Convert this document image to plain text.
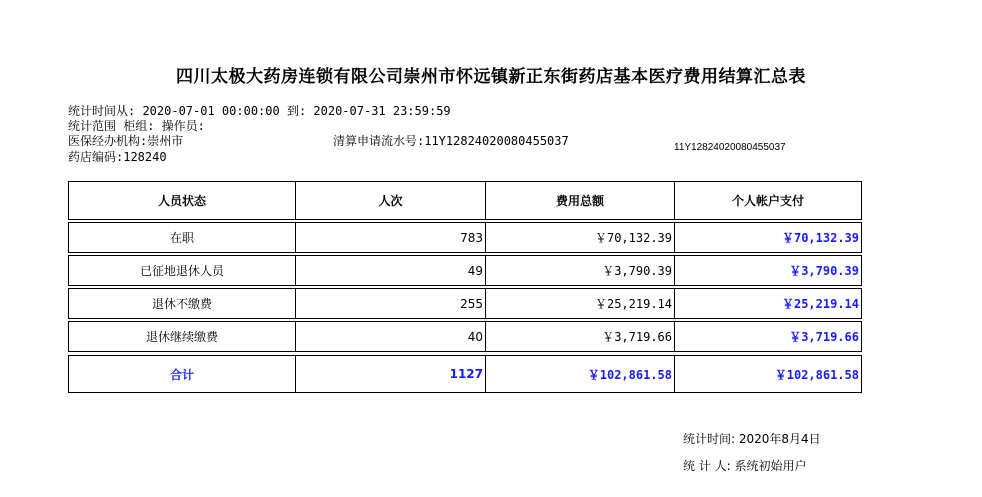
四川太极大药房连锁有限公司崇州市怀远镇新正东街药店基本医疗费用结算汇总表
统计时间从: 2020-07-01 00:00:00 到: 2020-07-31 23:59:59
统计范围 柜组: 操作员:
医保经办机构:崇州市	清算申请流水号:11Y12824020080455037	11Y12824020080455037
药店编码:128240
人员状态	人次	费用总额	个人帐户支付
在职	783	￥70,132.39	￥70,132.39
已征地退休人员	49	￥3,790.39	￥3,790.39
退休不缴费	255	￥25,219.14	￥25,219.14
退休继续缴费	40	￥3,719.66	￥3,719.66
合计	1127	￥102,861.58	￥102,861.58
统计时间: 2020年8月4日
统 计 人: 系统初始用户
